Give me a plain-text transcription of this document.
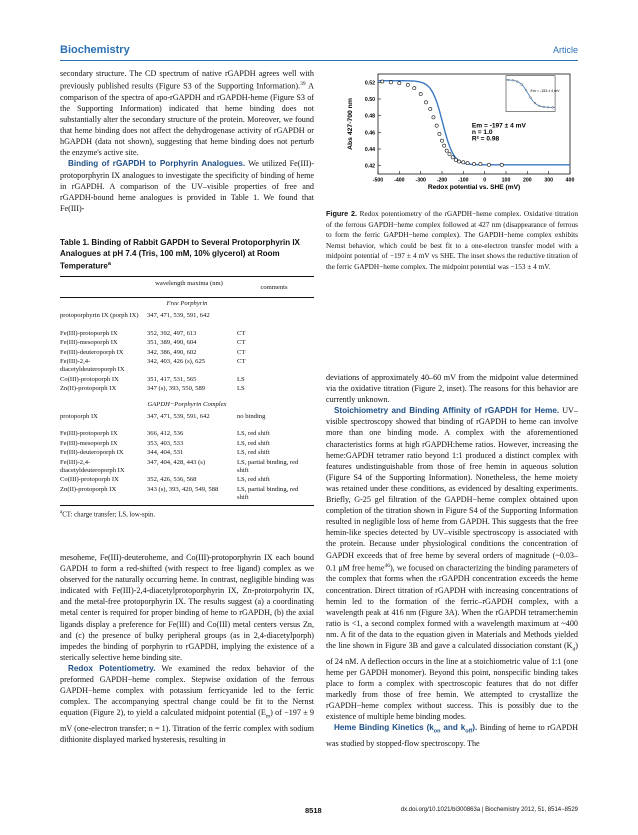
Biochemistry	Article

secondary structure. The CD spectrum of native rGAPDH agrees well with previously published results (Figure S3 of the Supporting Information).$^{39}$ A comparison of the spectra of apo-rGAPDH and rGAPDH-heme (Figure S3 of the Supporting Information) indicated that heme binding does not substantially alter the secondary structure of the protein. Moreover, we found that heme binding does not affect the dehydrogenase activity of rGAPDH or hGAPDH (data not shown), suggesting that heme binding does not perturb the enzyme's active site.

Binding of rGAPDH to Porphyrin Analogues. We utilized Fe(III)-protoporphyrin IX analogues to investigate the specificity of binding of heme in rGAPDH. A comparison of the UV–visible properties of free and rGAPDH-bound heme analogues is provided in Table 1. We found that Fe(III)-

Table 1. Binding of Rabbit GAPDH to Several Protoporphyrin IX Analogues at pH 7.4 (Tris, 100 mM, 10% glycerol) at Room Temperature$^a$
wavelength maxima (nm)
comments
Free Porphyrin
protoporphyrin IX (porph IX) 347, 471, 539, 591, 642
Fe(III)-protoporph IX	352, 392, 497, 613	CT
Fe(III)-mesoporph IX	351, 389, 490, 604	CT
Fe(III)-deuteroporph IX	342, 386, 490, 602	CT
Fe(III)-2,4-diacetyldeuteroporph IX
342, 403, 426 (s), 625	CT
Co(III)-protoporph IX	351, 417, 531, 565	LS
Zn(II)-protoporph IX	347 (s), 393, 550, 589	LS
GAPDH−Porphyrin Complex
protoporph IX	347, 471, 539, 591, 642	no binding
Fe(III)-protoporph IX	366, 412, 536	LS, red shift
Fe(III)-mesoporph IX	353, 403, 533	LS, red shift
Fe(III)-deuteroporph IX	344, 404, 531	LS, red shift
Fe(III)-2,4-diacetyldeuteroporph IX
347, 404, 428, 443 (s)	LS, partial binding, red shift
Co(III)-protoporph IX	352, 426, 536, 568	LS, red shift
Zn(II)-protoporph IX	343 (s), 393, 420, 549, 588	LS, partial binding, red shift
$^a$CT: charge transfer; LS, low-spin.

mesoheme, Fe(III)-deuteroheme, and Co(III)-protoporphyrin IX each bound GAPDH to form a red-shifted (with respect to free ligand) complex as we observed for the naturally occurring heme. In contrast, negligible binding was indicated with Fe(III)-2,4-diacetylprotoporphyrin IX, Zn-protorpohyrin IX, and the metal-free protoporphyrin IX. The results suggest (a) a coordinating metal center is required for proper binding of heme to rGAPDH, (b) the axial ligands display a preference for Fe(III) and Co(III) metal centers versus Zn, and (c) the presence of bulky peripheral groups (as in 2,4-diacetylporph) impedes the binding of porphyrin to rGAPDH, implying the existence of a sterically selective heme binding site.

Redox Potentiometry. We examined the redox behavior of the preformed GAPDH−heme complex. Stepwise oxidation of the ferrous GAPDH−heme complex with potassium ferricyanide led to the ferric complex. The accompanying spectral change could be fit to the Nernst equation (Figure 2), to yield a calculated midpoint potential $(E_m)$ of −197 ± 9 mV (one-electron transfer; n = 1). Titration of the ferric complex with sodium dithionite displayed marked hysteresis, resulting in

-500 -400 -300 -200 -100	0	100 200 300 400
0.42
0.44
0.46
0.48
0.50
0.52
Redox potential vs. SHE (mV)
Abs 427-700 nm	Em = -197 ± 4 mV
n = 1.0
R² = 0.98
Em = -153 ± 4 mV
Figure 2. Redox potentiometry of the rGAPDH−heme complex. Oxidative titration of the ferrous GAPDH−heme complex followed at 427 nm (disappearance of ferrous to form the ferric GAPDH−heme complex). The GAPDH−heme complex exhibits Nernst behavior, which could be best fit to a one-electron transfer model with a midpoint potential of −197 ± 4 mV vs SHE. The inset shows the reductive titration of the ferric GAPDH−heme complex. The midpoint potential was −153 ± 4 mV.

deviations of approximately 40–60 mV from the midpoint value determined via the oxidative titration (Figure 2, inset). The reasons for this behavior are currently unknown.

Stoichiometry and Binding Affinity of rGAPDH for Heme. UV–visible spectroscopy showed that binding of rGAPDH to heme can involve more than one binding mode. A complex with the aforementioned characteristics forms at high rGAPDH:heme ratios. However, increasing the heme:GAPDH tetramer ratio beyond 1:1 produced a distinct complex with features undistinguishable from those of free hemin in aqueous solution (Figure S4 of the Supporting Information). Nonetheless, the heme moiety was retained under these conditions, as evidenced by desalting experiments. Briefly, G-25 gel filtration of the GAPDH−heme complex obtained upon completion of the titration shown in Figure S4 of the Supporting Information resulted in negligible loss of heme from GAPDH. This suggests that the free hemin-like species detected by UV–visible spectroscopy is associated with the protein. Because under physiological conditions the concentration of GAPDH exceeds that of free heme by several orders of magnitude (~0.03–0.1 μM free heme$^{46}$), we focused on characterizing the binding parameters of the complex that forms when the rGAPDH concentration exceeds the heme concentration. Direct titration of rGAPDH with increasing concentrations of hemin led to the formation of the ferric–rGAPDH complex, with a wavelength peak at 416 nm (Figure 3A). When the rGAPDH tetramer:hemin ratio is <1, a second complex formed with a wavelength maximum at ~400 nm. A fit of the data to the equation given in Materials and Methods yielded the line shown in Figure 3B and gave a calculated dissociation constant $(K_d)$ of 24 nM. A deflection occurs in the line at a stoichiometric value of 1:1 (one heme per GAPDH monomer). Beyond this point, nonspecific binding takes place to form a complex with spectroscopic features that do not differ markedly from those of free hemin. We attempted to crystallize the rGAPDH−heme complex without success. This is possibly due to the existence of multiple heme binding modes.

Heme Binding Kinetics ($k_{on}$ and $k_{off}$). Binding of heme to rGAPDH was studied by stopped-flow spectroscopy. The

8518	dx.doi.org/10.1021/bi300863a | Biochemistry 2012, 51, 8514−8529
